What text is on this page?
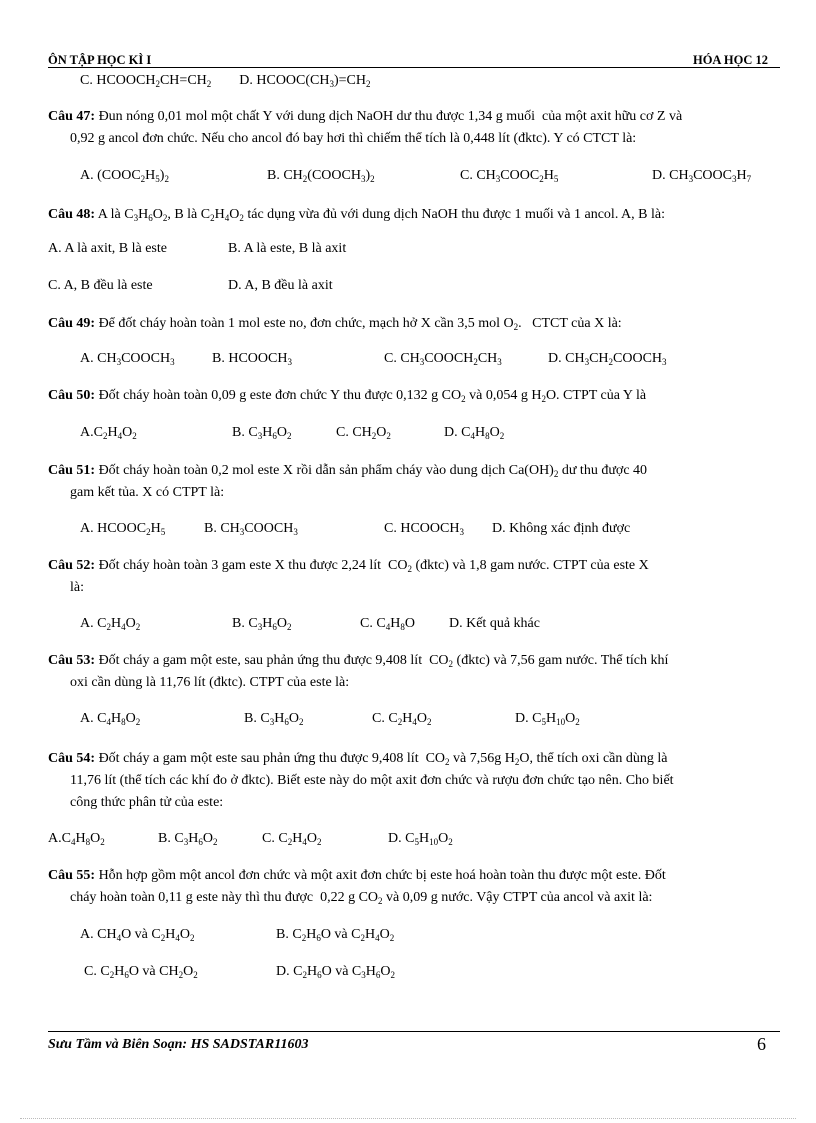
ÔN TẬP HỌC KÌ I	HÓA HỌC 12
C. $HCOOCH_2CH=CH_2$        D. $HCOOC(CH_3)=CH_2$
Câu 47: Đun nóng 0,01 mol một chất Y với dung dịch NaOH dư thu được 1,34 g muối  của một axit hữu cơ Z và
0,92 g ancol đơn chức. Nếu cho ancol đó bay hơi thì chiếm thể tích là 0,448 lít (đktc). Y có CTCT là:
A. $(COOC_2H_5)_2$	B. $CH_2(COOCH_3)_2$	C. $CH_3COOC_2H_5$	D. $CH_3COOC_3H_7$
Câu 48: A là $C_3H_6O_2$, B là $C_2H_4O_2$ tác dụng vừa đủ với dung dịch NaOH thu được 1 muối và 1 ancol. A, B là:
A. A là axit, B là este	B. A là este, B là axit
C. A, B đều là este	D. A, B đều là axit
Câu 49: Để đốt cháy hoàn toàn 1 mol este no, đơn chức, mạch hở X cần 3,5 mol $O_2$.   CTCT của X là:
A. $CH_3COOCH_3$	B. $HCOOCH_3$	C. $CH_3COOCH_2CH_3$	D. $CH_3CH_2COOCH_3$
Câu 50: Đốt cháy hoàn toàn 0,09 g este đơn chức Y thu được 0,132 g $CO_2$ và 0,054 g $H_2O$. CTPT của Y là
$A.C_2H_4O_2$	B. $C_3H_6O_2$	C. $CH_2O_2$	D. $C_4H_8O_2$
Câu 51: Đốt cháy hoàn toàn 0,2 mol este X rồi dẫn sản phẩm cháy vào dung dịch $Ca(OH)_2$ dư thu được 40
gam kết tủa. X có CTPT là:
A. $HCOOC_2H_5$	B. $CH_3COOCH_3$	C. $HCOOCH_3$ D. Không xác định được
Câu 52: Đốt cháy hoàn toàn 3 gam este X thu được 2,24 lít  $CO_2$ (đktc) và 1,8 gam nước. CTPT của este X
là:
A. $C_2H_4O_2$	B. $C_3H_6O_2$	C. $C_4H_8O$ D. Kết quả khác
Câu 53: Đốt cháy a gam một este, sau phản ứng thu được 9,408 lít  $CO_2$ (đktc) và 7,56 gam nước. Thể tích khí
oxi cần dùng là 11,76 lít (đktc). CTPT của este là:
A. $C_4H_8O_2$	B. $C_3H_6O_2$	C. $C_2H_4O_2$	D. $C_5H_{10}O_2$
Câu 54: Đốt cháy a gam một este sau phản ứng thu được 9,408 lít  $CO_2$ và 7,56g $H_2O$, thể tích oxi cần dùng là
11,76 lít (thể tích các khí đo ở đktc). Biết este này do một axit đơn chức và rượu đơn chức tạo nên. Cho biết
công thức phân tử của este:
$A.C_4H_8O_2$	B. $C_3H_6O_2$	C. $C_2H_4O_2$	D. $C_5H_{10}O_2$
Câu 55: Hỗn hợp gồm một ancol đơn chức và một axit đơn chức bị este hoá hoàn toàn thu được một este. Đốt
cháy hoàn toàn 0,11 g este này thì thu được  0,22 g $CO_2$ và 0,09 g nước. Vậy CTPT của ancol và axit là:
A. $CH_4O$ và $C_2H_4O_2$	B. $C_2H_6O$ và $C_2H_4O_2$
C. $C_2H_6O$ và $CH_2O_2$	D. $C_2H_6O$ và $C_3H_6O_2$
Sưu Tầm và Biên Soạn: HS SADSTAR11603	6
